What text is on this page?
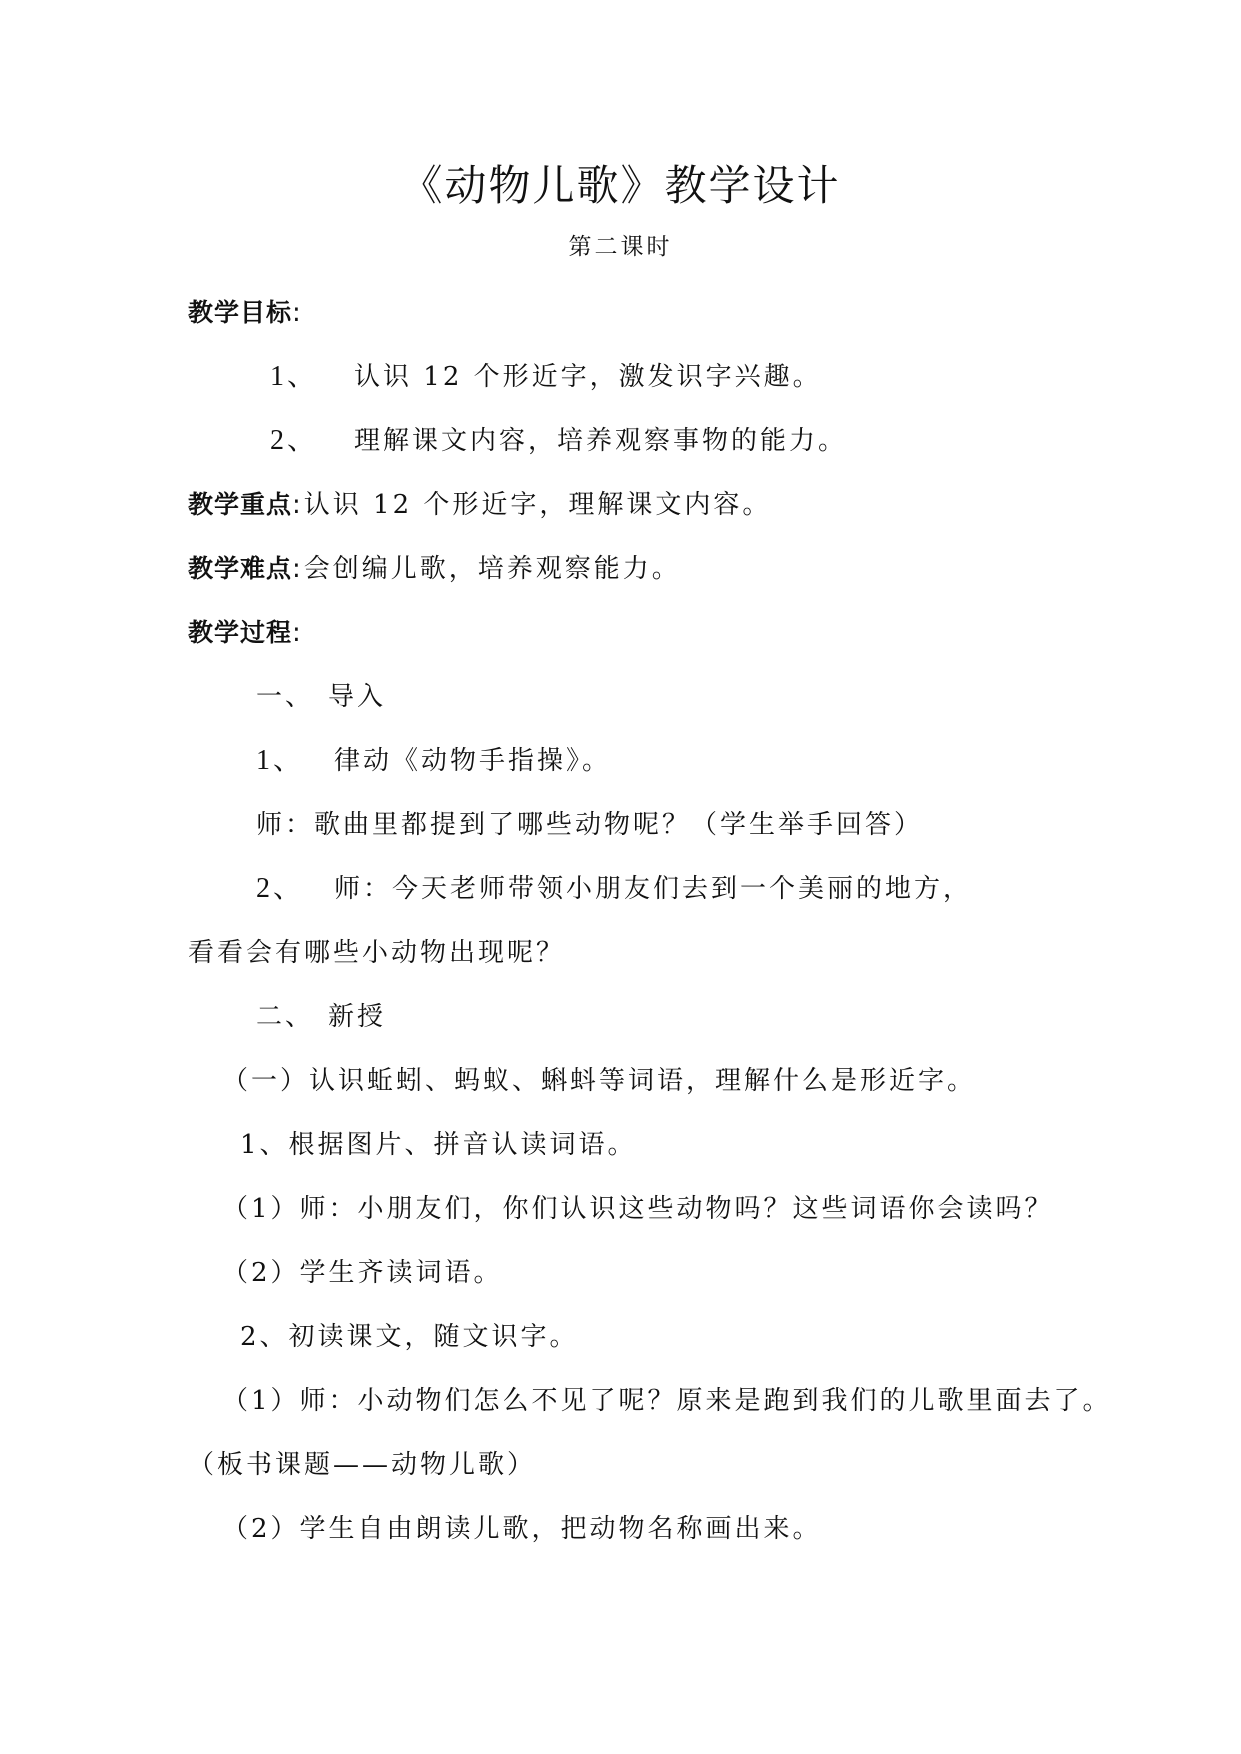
《动物儿歌》教学设计
第二课时
教学目标:
1、 认识 12 个形近字，激发识字兴趣。
2、 理解课文内容，培养观察事物的能力。
教学重点:认识 12 个形近字，理解课文内容。
教学难点:会创编儿歌，培养观察能力。
教学过程:
一、 导入
1、 律动《动物手指操》。
师：歌曲里都提到了哪些动物呢？（学生举手回答）
2、 师：今天老师带领小朋友们去到一个美丽的地方，
看看会有哪些小动物出现呢？
二、 新授
（一）认识蚯蚓、蚂蚁、蝌蚪等词语，理解什么是形近字。
1、根据图片、拼音认读词语。
（1）师：小朋友们，你们认识这些动物吗？这些词语你会读吗？
（2）学生齐读词语。
2、初读课文，随文识字。
（1）师：小动物们怎么不见了呢？原来是跑到我们的儿歌里面去了。
（板书课题——动物儿歌）
（2）学生自由朗读儿歌，把动物名称画出来。
